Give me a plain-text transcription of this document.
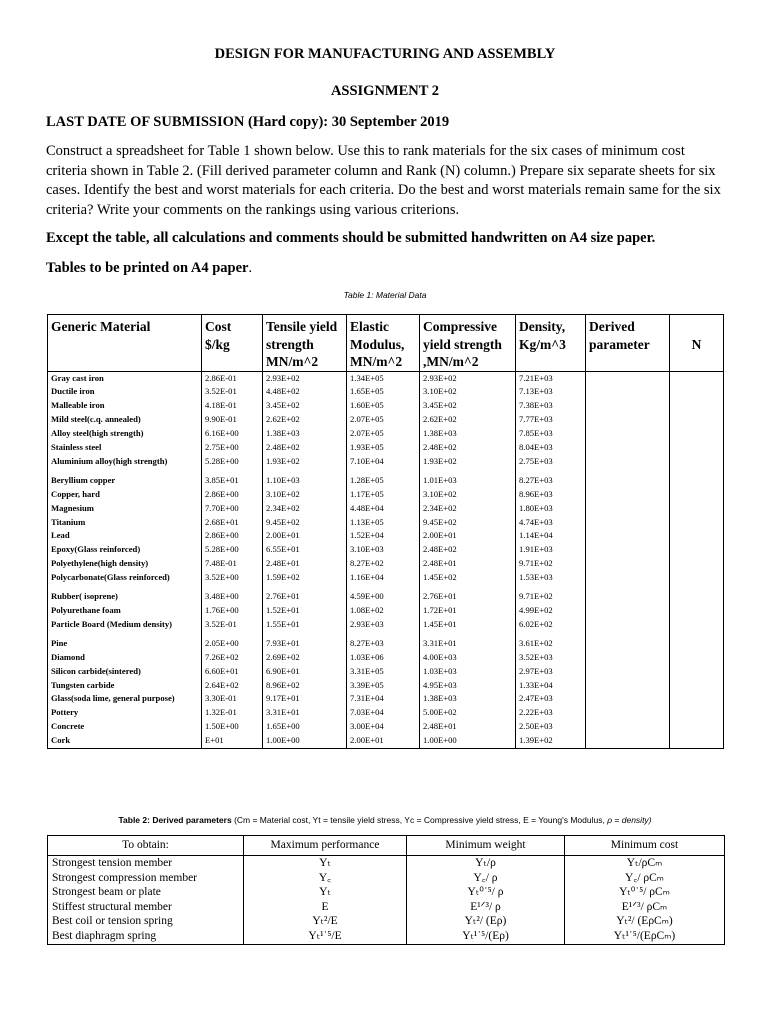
DESIGN FOR MANUFACTURING AND ASSEMBLY
ASSIGNMENT 2
LAST DATE OF SUBMISSION (Hard copy): 30 September 2019
Construct a spreadsheet for Table 1 shown below. Use this to rank materials for the six cases of minimum cost criteria shown in Table 2. (Fill derived parameter column and Rank (N) column.) Prepare six separate sheets for six cases. Identify the best and worst materials for each criteria. Do the best and worst materials remain same for the six criteria? Write your comments on the rankings using various criterions.
Except the table, all calculations and comments should be submitted handwritten on A4 size paper.
Tables to be printed on A4 paper.
Table 1: Material Data
Generic Material	Cost $/kg	Tensile yield strength MN/m^2	Elastic Modulus, MN/m^2	Compressive yield strength ,MN/m^2	Density, Kg/m^3	Derived parameter	N
Gray cast iron	2.86E-01	2.93E+02	1.34E+05	2.93E+02	7.21E+03		
Ductile iron	3.52E-01	4.48E+02	1.65E+05	3.10E+02	7.13E+03		
Malleable iron	4.18E-01	3.45E+02	1.60E+05	3.45E+02	7.38E+03		
Mild steel(c.q. annealed)	9.90E-01	2.62E+02	2.07E+05	2.62E+02	7.77E+03		
Alloy steel(high strength)	6.16E+00	1.38E+03	2.07E+05	1.38E+03	7.85E+03		
Stainless steel	2.75E+00	2.48E+02	1.93E+05	2.48E+02	8.04E+03		
Aluminium alloy(high strength)	5.28E+00	1.93E+02	7.10E+04	1.93E+02	2.75E+03		
Beryllium copper	3.85E+01	1.10E+03	1.28E+05	1.01E+03	8.27E+03		
Copper, hard	2.86E+00	3.10E+02	1.17E+05	3.10E+02	8.96E+03		
Magnesium	7.70E+00	2.34E+02	4.48E+04	2.34E+02	1.80E+03		
Titanium	2.68E+01	9.45E+02	1.13E+05	9.45E+02	4.74E+03		
Lead	2.86E+00	2.00E+01	1.52E+04	2.00E+01	1.14E+04		
Epoxy(Glass reinforced)	5.28E+00	6.55E+01	3.10E+03	2.48E+02	1.91E+03		
Polyethylene(high density)	7.48E-01	2.48E+01	8.27E+02	2.48E+01	9.71E+02		
Polycarbonate(Glass reinforced)	3.52E+00	1.59E+02	1.16E+04	1.45E+02	1.53E+03		
Rubber( isoprene)	3.48E+00	2.76E+01	4.59E+00	2.76E+01	9.71E+02		
Polyurethane foam	1.76E+00	1.52E+01	1.08E+02	1.72E+01	4.99E+02		
Particle Board (Medium density)	3.52E-01	1.55E+01	2.93E+03	1.45E+01	6.02E+02		
Pine	2.05E+00	7.93E+01	8.27E+03	3.31E+01	3.61E+02		
Diamond	7.26E+02	2.69E+02	1.03E+06	4.00E+03	3.52E+03		
Silicon carbide(sintered)	6.60E+01	6.90E+01	3.31E+05	1.03E+03	2.97E+03		
Tungsten carbide	2.64E+02	8.96E+02	3.39E+05	4.95E+03	1.33E+04		
Glass(soda lime, general purpose)	3.30E-01	9.17E+01	7.31E+04	1.38E+03	2.47E+03		
Pottery	1.32E-01	3.31E+01	7.03E+04	5.00E+02	2.22E+03		
Concrete	1.50E+00	1.65E+00	3.00E+04	2.48E+01	2.50E+03		
Cork	E+01	1.00E+00	2.00E+01	1.00E+00	1.39E+02		
Table 2: Derived parameters (Cm = Material cost, Yt = tensile yield stress, Yc = Compressive yield stress, E = Young's Modulus, ρ = density)
To obtain:	Maximum performance	Minimum weight	Minimum cost
Strongest tension member	Yₜ	Yₜ/ρ	Yₜ/ρCₘ
Strongest compression member	Y꜀	Y꜀/ ρ	Y꜀/ ρCₘ
Strongest beam or plate	Yₜ	Yₜ⁰˙⁵/ ρ	Yₜ⁰˙⁵/ ρCₘ
Stiffest structural member	E	E¹ᐟ³/ ρ	E¹ᐟ³/ ρCₘ
Best coil or tension spring	Yₜ²/E	Yₜ²/ (Eρ)	Yₜ²/ (EρCₘ)
Best diaphragm spring	Yₜ¹˙⁵/E	Yₜ¹˙⁵/(Eρ)	Yₜ¹˙⁵/(EρCₘ)
